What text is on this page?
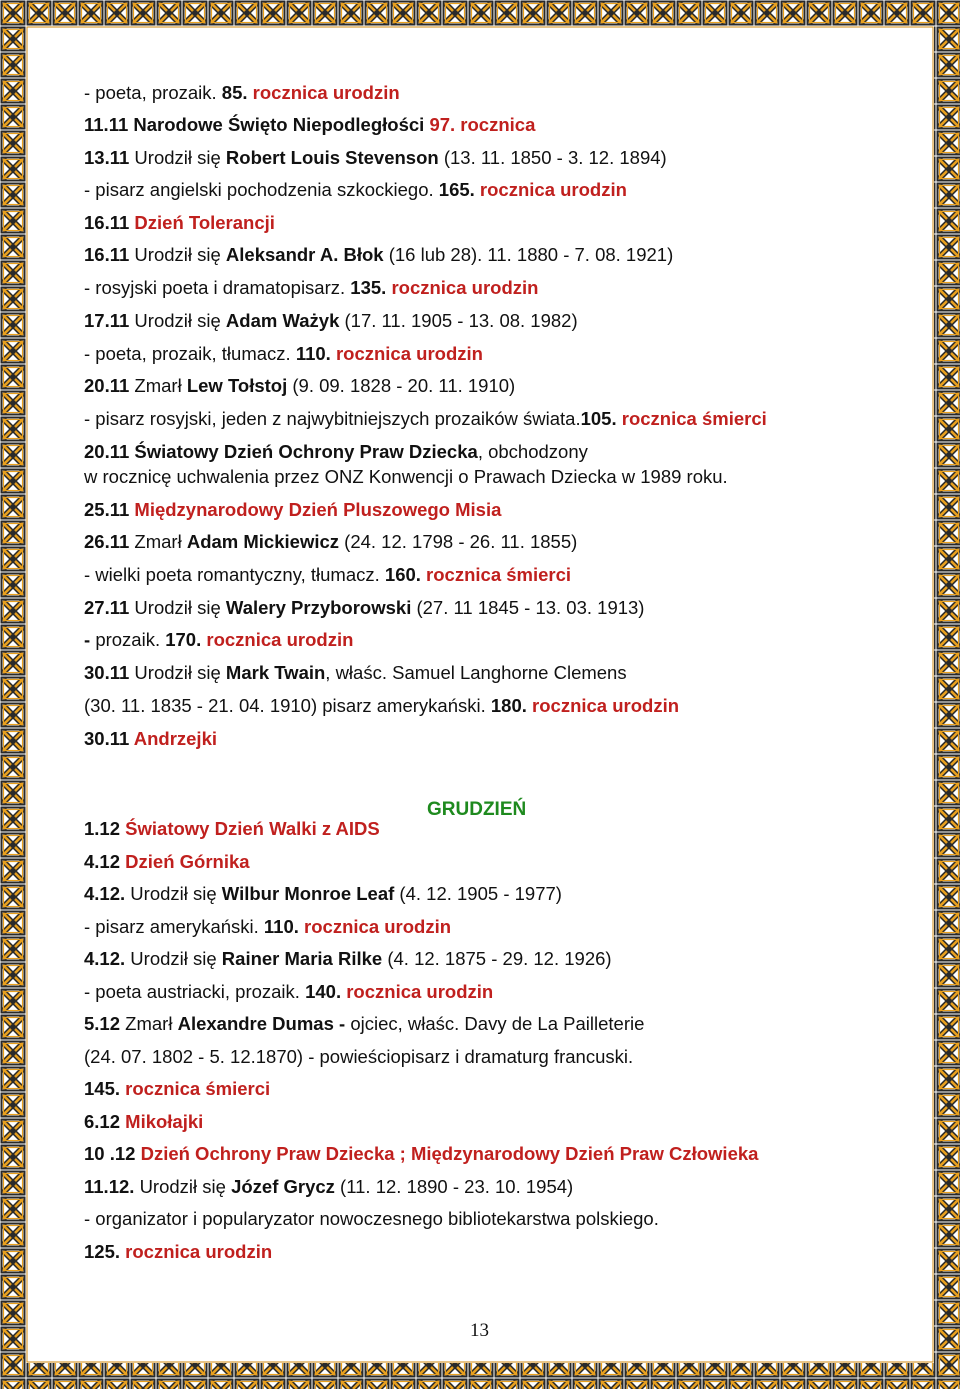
- poeta, prozaik. 85. rocznica urodzin
11.11 Narodowe Święto Niepodległości 97. rocznica
13.11 Urodził się Robert Louis Stevenson (13. 11. 1850 - 3. 12. 1894)
- pisarz angielski pochodzenia szkockiego. 165. rocznica urodzin
16.11 Dzień Tolerancji
16.11 Urodził się Aleksandr A. Błok (16 lub 28). 11. 1880 - 7. 08. 1921)
- rosyjski poeta i dramatopisarz. 135. rocznica urodzin
17.11 Urodził się Adam Ważyk (17. 11. 1905 - 13. 08. 1982)
- poeta, prozaik, tłumacz. 110. rocznica urodzin
20.11 Zmarł Lew Tołstoj (9. 09. 1828 - 20. 11. 1910)
- pisarz rosyjski, jeden z najwybitniejszych prozaików świata.105. rocznica śmierci
20.11 Światowy Dzień Ochrony Praw Dziecka, obchodzony
w rocznicę uchwalenia przez ONZ Konwencji o Prawach Dziecka w 1989 roku.
25.11 Międzynarodowy Dzień Pluszowego Misia
26.11 Zmarł Adam Mickiewicz (24. 12. 1798 - 26. 11. 1855)
- wielki poeta romantyczny, tłumacz. 160. rocznica śmierci
27.11 Urodził się Walery Przyborowski (27. 11 1845 - 13. 03. 1913)
- prozaik. 170. rocznica urodzin
30.11 Urodził się Mark Twain, właśc. Samuel Langhorne Clemens
(30. 11. 1835 - 21. 04. 1910) pisarz amerykański. 180. rocznica urodzin
30.11 Andrzejki
GRUDZIEŃ
1.12 Światowy Dzień Walki z AIDS
4.12 Dzień Górnika
4.12. Urodził się Wilbur Monroe Leaf (4. 12. 1905 - 1977)
- pisarz amerykański. 110. rocznica urodzin
4.12. Urodził się Rainer Maria Rilke (4. 12. 1875 - 29. 12. 1926)
- poeta austriacki, prozaik. 140. rocznica urodzin
5.12 Zmarł Alexandre Dumas - ojciec, właśc. Davy de La Pailleterie
(24. 07. 1802 - 5. 12.1870) - powieściopisarz i dramaturg francuski.
145. rocznica śmierci
6.12 Mikołajki
10 .12 Dzień Ochrony Praw Dziecka ; Międzynarodowy Dzień Praw Człowieka
11.12. Urodził się Józef Grycz (11. 12. 1890 - 23. 10. 1954)
- organizator i popularyzator nowoczesnego bibliotekarstwa polskiego.
125. rocznica urodzin
13
